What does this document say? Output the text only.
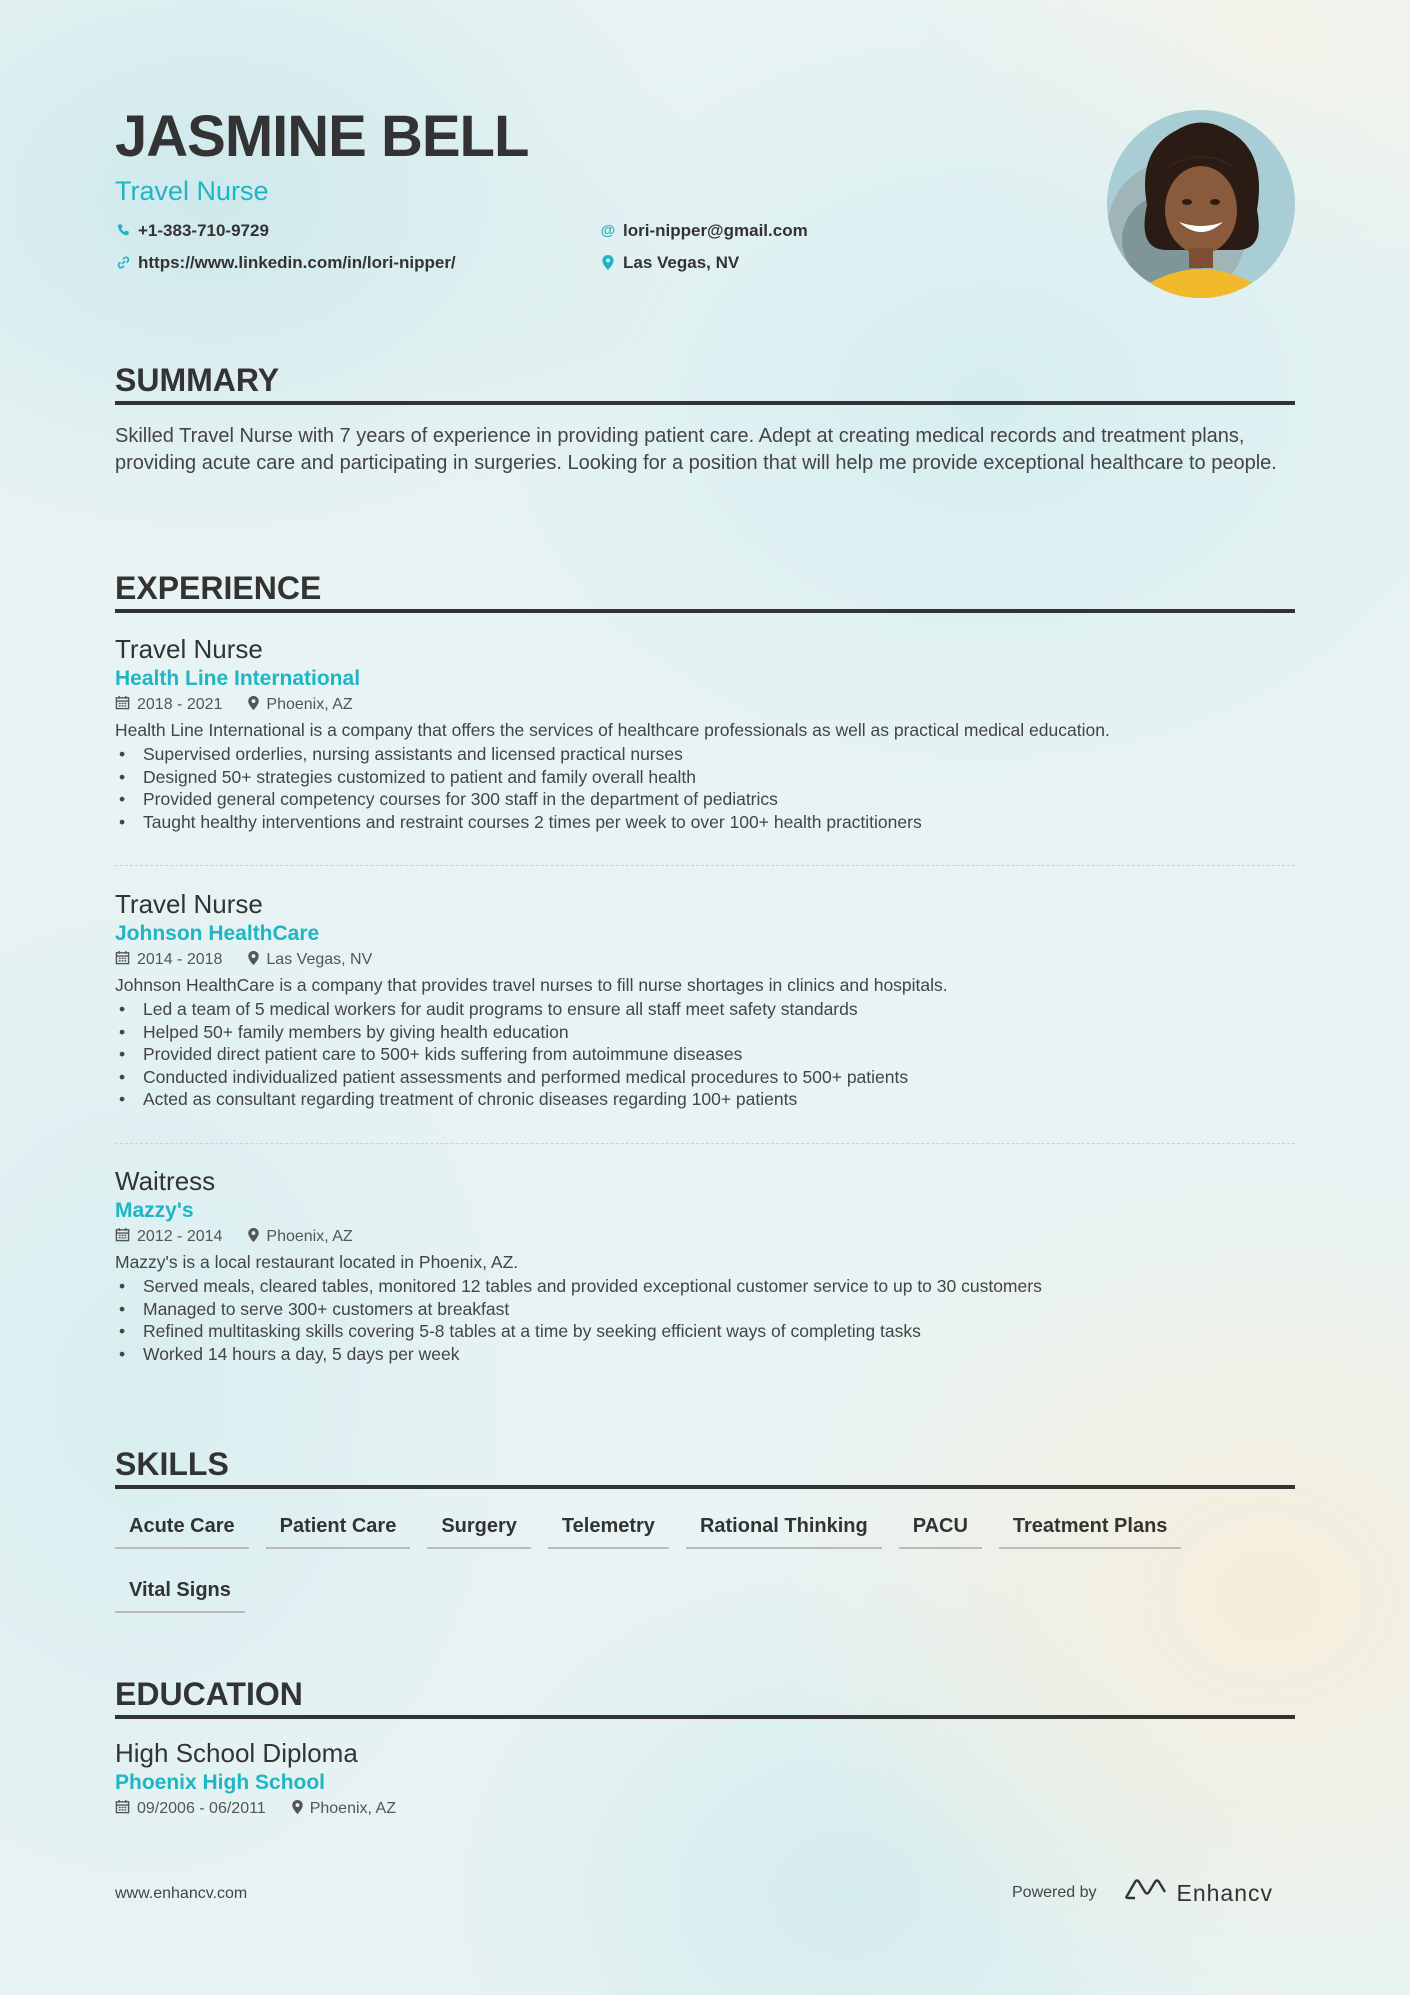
JASMINE BELL
Travel Nurse
+1-383-710-9729	@ lori-nipper@gmail.com
https://www.linkedin.com/in/lori-nipper/	Las Vegas, NV
SUMMARY
Skilled Travel Nurse with 7 years of experience in providing patient care. Adept at creating medical records and treatment plans, providing acute care and participating in surgeries. Looking for a position that will help me provide exceptional healthcare to people.
EXPERIENCE
Travel Nurse
Health Line International
2018 - 2021	Phoenix, AZ
Health Line International is a company that offers the services of healthcare professionals as well as practical medical education.
• Supervised orderlies, nursing assistants and licensed practical nurses
• Designed 50+ strategies customized to patient and family overall health
• Provided general competency courses for 300 staff in the department of pediatrics
• Taught healthy interventions and restraint courses 2 times per week to over 100+ health practitioners
Travel Nurse
Johnson HealthCare
2014 - 2018	Las Vegas, NV
Johnson HealthCare is a company that provides travel nurses to fill nurse shortages in clinics and hospitals.
• Led a team of 5 medical workers for audit programs to ensure all staff meet safety standards
• Helped 50+ family members by giving health education
• Provided direct patient care to 500+ kids suffering from autoimmune diseases
• Conducted individualized patient assessments and performed medical procedures to 500+ patients
• Acted as consultant regarding treatment of chronic diseases regarding 100+ patients
Waitress
Mazzy's
2012 - 2014	Phoenix, AZ
Mazzy's is a local restaurant located in Phoenix, AZ.
• Served meals, cleared tables, monitored 12 tables and provided exceptional customer service to up to 30 customers
• Managed to serve 300+ customers at breakfast
• Refined multitasking skills covering 5-8 tables at a time by seeking efficient ways of completing tasks
• Worked 14 hours a day, 5 days per week
SKILLS
Acute Care	Patient Care	Surgery	Telemetry	Rational Thinking	PACU	Treatment Plans
Vital Signs
EDUCATION
High School Diploma
Phoenix High School
09/2006 - 06/2011	Phoenix, AZ
www.enhancv.com	Powered by	Enhancv
